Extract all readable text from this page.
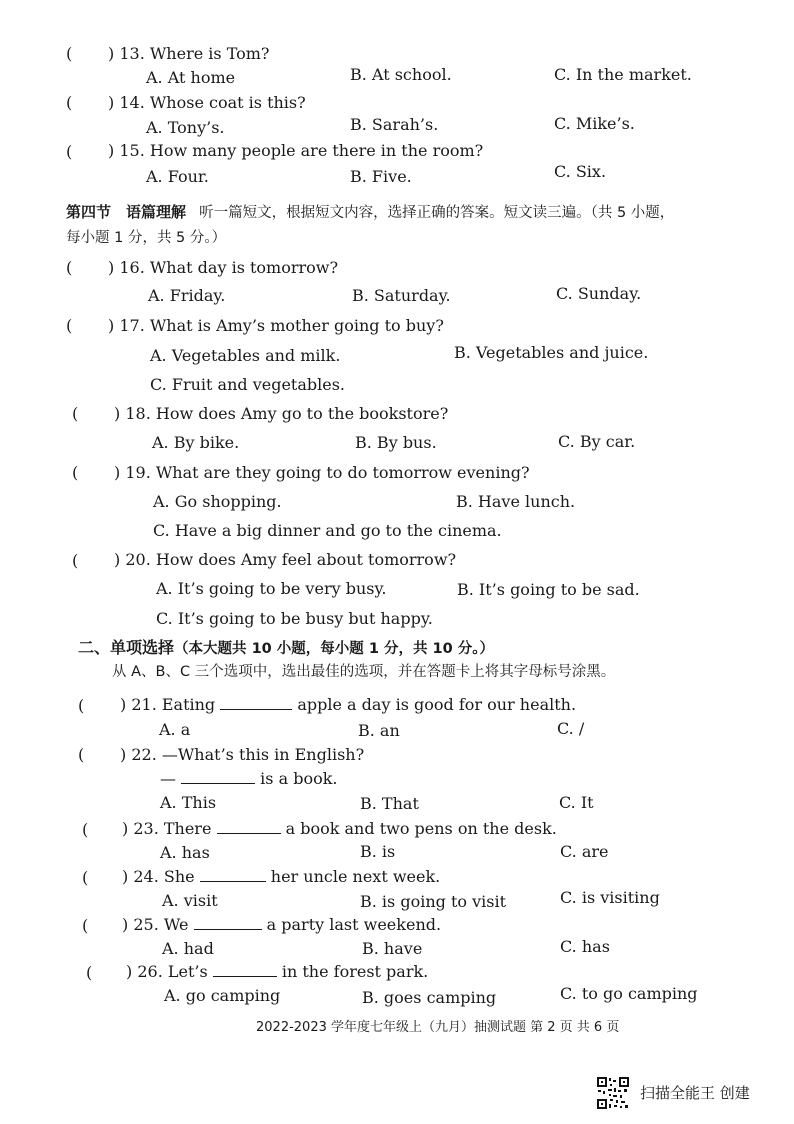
( ) 13. Where is Tom?
A. At home	B. At school.	C. In the market.
( ) 14. Whose coat is this?
A. Tony’s.	B. Sarah’s.	C. Mike’s.
( ) 15. How many people are there in the room?
A. Four.	B. Five.	C. Six.
第四节　语篇理解 听一篇短文，根据短文内容，选择正确的答案。短文读三遍。（共 5 小题，
每小题 1 分，共 5 分。）
( ) 16. What day is tomorrow?
A. Friday.	B. Saturday.	C. Sunday.
( ) 17. What is Amy’s mother going to buy?
A. Vegetables and milk.	B. Vegetables and juice.
C. Fruit and vegetables.
( ) 18. How does Amy go to the bookstore?
A. By bike.	B. By bus.	C. By car.
( ) 19. What are they going to do tomorrow evening?
A. Go shopping.	B. Have lunch.
C. Have a big dinner and go to the cinema.
( ) 20. How does Amy feel about tomorrow?
A. It’s going to be very busy.	B. It’s going to be sad.
C. It’s going to be busy but happy.
二、单项选择（本大题共 10 小题，每小题 1 分，共 10 分。）
从 A、B、C 三个选项中，选出最佳的选项，并在答题卡上将其字母标号涂黑。
( ) 21. Eating	apple a day is good for our health.
A. a	B. an	C. /
( ) 22. —What’s this in English?
—	is a book.
A. This	B. That	C. It
( ) 23. There	a book and two pens on the desk.
A. has	B. is	C. are
( ) 24. She	her uncle next week.
A. visit	B. is going to visit	C. is visiting
( ) 25. We	a party last weekend.
A. had	B. have	C. has
( ) 26. Let’s	in the forest park.
A. go camping	B. goes camping	C. to go camping
2022-2023 学年度七年级上（九月）抽测试题 第 2 页 共 6 页
扫描全能王 创建
